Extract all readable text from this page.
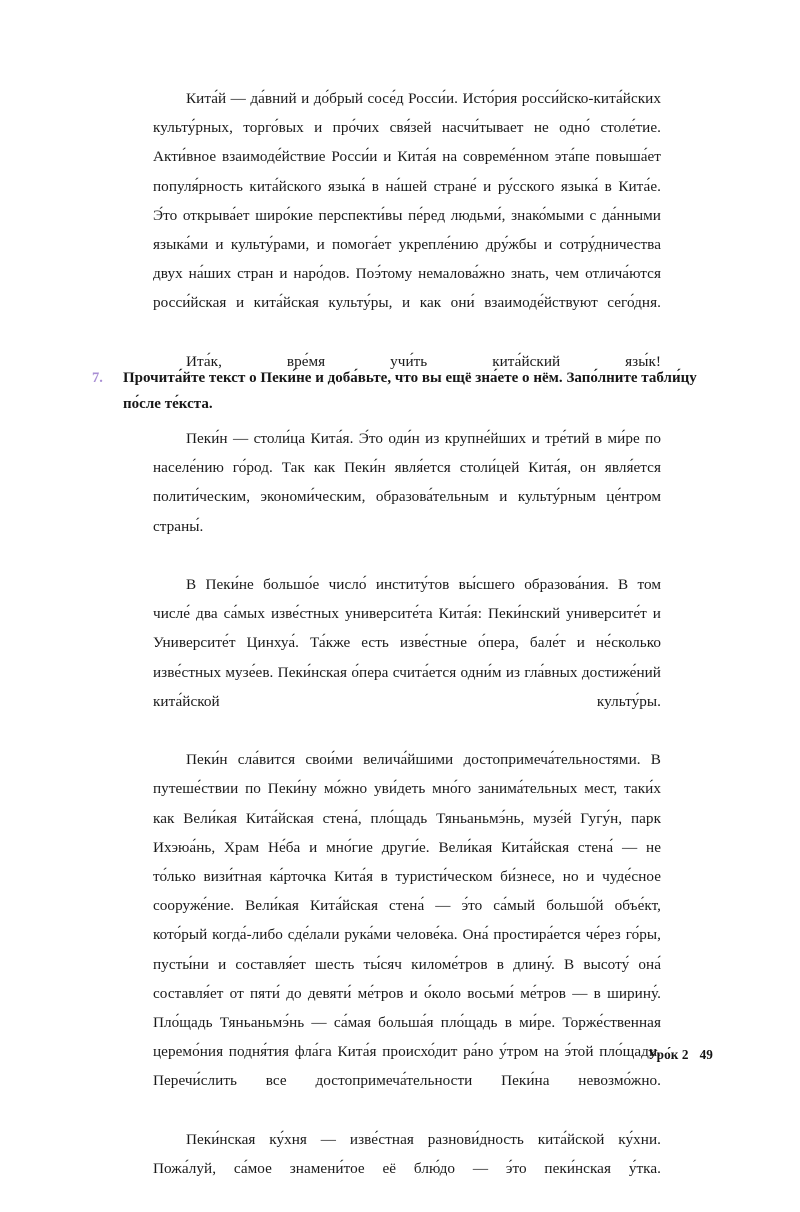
Кита́й — да́вний и до́брый сосе́д Росси́и. Исто́рия росси́йско-кита́йских культу́рных, торго́вых и про́чих свя́зей насчи́тывает не одно́ столе́тие. Акти́вное взаимоде́йствие Росси́и и Кита́я на совреме́нном эта́пе повыша́ет популя́рность кита́йского языка́ в на́шей стране́ и ру́сского языка́ в Кита́е. Э́то открыва́ет широ́кие перспекти́вы пе́ред людьми́, знако́мыми с да́нными языка́ми и культу́рами, и помога́ет укрепле́нию дру́жбы и сотру́дничества двух на́ших стран и наро́дов. Поэ́тому немалова́жно знать, чем отлича́ются росси́йская и кита́йская культу́ры, и как они́ взаимоде́йствуют сего́дня.

Ита́к, вре́мя учи́ть кита́йский язы́к!

7.	Прочита́йте текст о Пеки́не и доба́вьте, что вы ещё зна́ете о нём. Запо́лните табли́цу по́сле те́кста.

Пеки́н — столи́ца Кита́я. Э́то оди́н из крупне́йших и тре́тий в ми́ре по населе́нию го́род. Так как Пеки́н явля́ется столи́цей Кита́я, он явля́ется полити́ческим, экономи́ческим, образова́тельным и культу́рным це́нтром страны́.

В Пеки́не большо́е число́ институ́тов вы́сшего образова́ния. В том числе́ два са́мых изве́стных университе́та Кита́я: Пеки́нский университе́т и Университе́т Цинхуа́. Та́кже есть изве́стные о́пера, бале́т и не́сколько изве́стных музе́ев. Пеки́нская о́пера счита́ется одни́м из гла́вных достиже́ний кита́йской культу́ры.

Пеки́н сла́вится свои́ми велича́йшими достопримеча́тельностями. В путеше́ствии по Пеки́ну мо́жно уви́деть мно́го занима́тельных мест, таки́х как Вели́кая Кита́йская стена́, пло́щадь Тяньаньмэ́нь, музе́й Гугу́н, парк Ихэюа́нь, Храм Не́ба и мно́гие други́е. Вели́кая Кита́йская стена́ — не то́лько визи́тная ка́рточка Кита́я в туристи́ческом би́знесе, но и чуде́сное сооруже́ние. Вели́кая Кита́йская стена́ — э́то са́мый большо́й объе́кт, кото́рый когда́-либо сде́лали рука́ми челове́ка. Она́ простира́ется че́рез го́ры, пусты́ни и составля́ет шесть ты́сяч киломе́тров в длину́. В высоту́ она́ составля́ет от пяти́ до девяти́ ме́тров и о́коло восьми́ ме́тров — в ширину́. Пло́щадь Тяньаньмэ́нь — са́мая больша́я пло́щадь в ми́ре. Торже́ственная церемо́ния подня́тия фла́га Кита́я происхо́дит ра́но у́тром на э́той пло́щади. Перечи́слить все достопримеча́тельности Пеки́на невозмо́жно.

Пеки́нская ку́хня — изве́стная разнови́дность кита́йской ку́хни. Пожа́луй, са́мое знамени́тое её блю́до — э́то пеки́нская у́тка.

Уро́к 2 49
